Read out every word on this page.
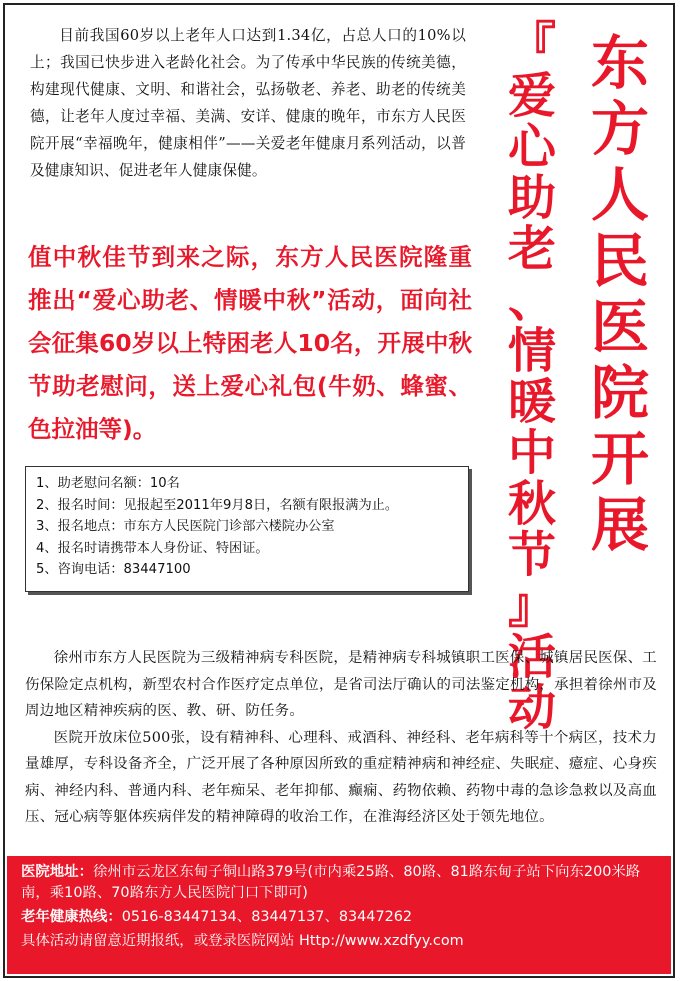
目前我国60岁以上老年人口达到1.34亿，占总人口的10%以上；我国已快步进入老龄化社会。为了传承中华民族的传统美德，构建现代健康、文明、和谐社会，弘扬敬老、养老、助老的传统美德，让老年人度过幸福、美满、安详、健康的晚年，市东方人民医院开展“幸福晚年，健康相伴”——关爱老年健康月系列活动，以普及健康知识、促进老年人健康保健。

值中秋佳节到来之际，东方人民医院隆重推出“爱心助老、情暖中秋”活动，面向社会征集60岁以上特困老人10名，开展中秋节助老慰问，送上爱心礼包(牛奶、蜂蜜、色拉油等)。

1、助老慰问名额：10名
2、报名时间：见报起至2011年9月8日，名额有限报满为止。
3、报名地点：市东方人民医院门诊部六楼院办公室
4、报名时请携带本人身份证、特困证。
5、咨询电话：83447100
东
方
人
民
医
院
开
展
『
爱
心
助
老
、
情
暖
中
秋
节
』
活
动

徐州市东方人民医院为三级精神病专科医院，是精神病专科城镇职工医保、城镇居民医保、工伤保险定点机构，新型农村合作医疗定点单位，是省司法厅确认的司法鉴定机构，承担着徐州市及周边地区精神疾病的医、教、研、防任务。

医院开放床位500张，设有精神科、心理科、戒酒科、神经科、老年病科等十个病区，技术力量雄厚，专科设备齐全，广泛开展了各种原因所致的重症精神病和神经症、失眠症、癔症、心身疾病、神经内科、普通内科、老年痴呆、老年抑郁、癫痫、药物依赖、药物中毒的急诊急救以及高血压、冠心病等躯体疾病伴发的精神障碍的收治工作，在淮海经济区处于领先地位。

医院地址：徐州市云龙区东甸子铜山路379号(市内乘25路、80路、81路东甸子站下向东200米路南，乘10路、70路东方人民医院门口下即可)
老年健康热线：0516-83447134、83447137、83447262
具体活动请留意近期报纸，或登录医院网站 Http://www.xzdfyy.com
